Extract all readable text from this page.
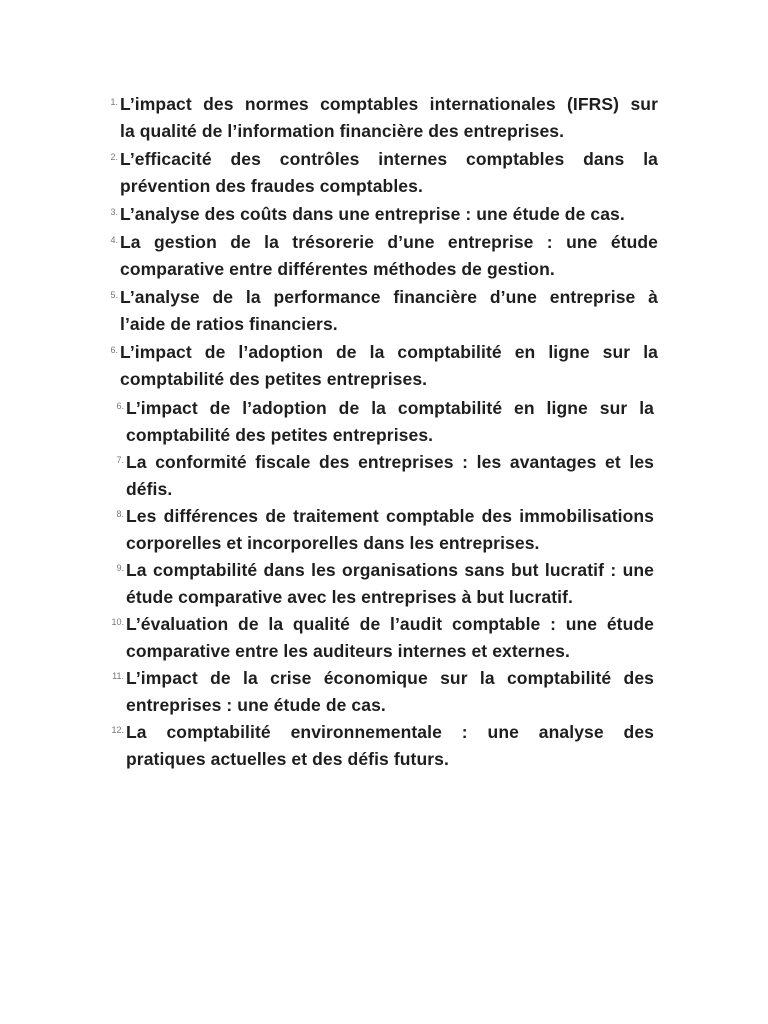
1. L’impact des normes comptables internationales (IFRS) sur
la qualité de l’information financière des entreprises.
2. L’efficacité des contrôles internes comptables dans la
prévention des fraudes comptables.
3. L’analyse des coûts dans une entreprise : une étude de cas.
4. La gestion de la trésorerie d’une entreprise : une étude
comparative entre différentes méthodes de gestion.
5. L’analyse de la performance financière d’une entreprise à
l’aide de ratios financiers.
6. L’impact de l’adoption de la comptabilité en ligne sur la
comptabilité des petites entreprises.
6. L’impact de l’adoption de la comptabilité en ligne sur la
comptabilité des petites entreprises.
7. La conformité fiscale des entreprises : les avantages et les
défis.
8. Les différences de traitement comptable des immobilisations
corporelles et incorporelles dans les entreprises.
9. La comptabilité dans les organisations sans but lucratif : une
étude comparative avec les entreprises à but lucratif.
10. L’évaluation de la qualité de l’audit comptable : une étude
comparative entre les auditeurs internes et externes.
11. L’impact de la crise économique sur la comptabilité des
entreprises : une étude de cas.
12. La comptabilité environnementale : une analyse des
pratiques actuelles et des défis futurs.
